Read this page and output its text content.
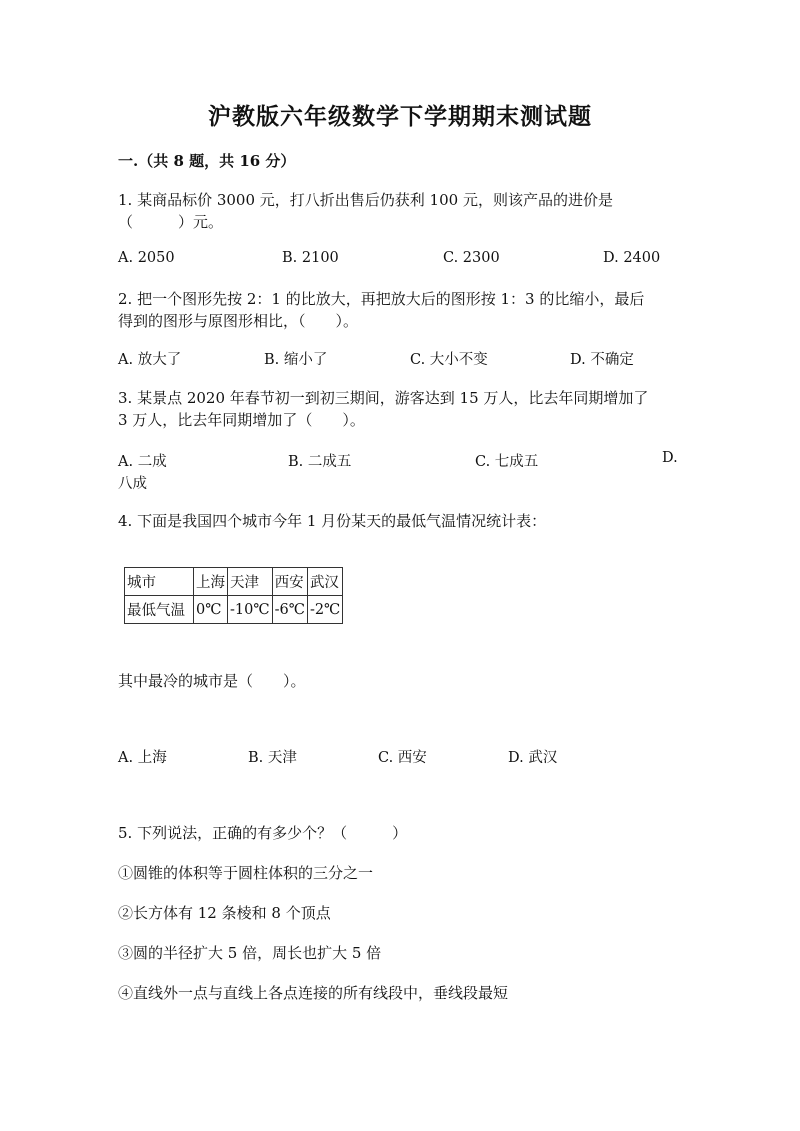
沪教版六年级数学下学期期末测试题
一.（共 8 题，共 16 分）
1. 某商品标价 3000 元，打八折出售后仍获利 100 元，则该产品的进价是
（　　　）元。
A. 2050	B. 2100	C. 2300	D. 2400
2. 把一个图形先按 2：1 的比放大，再把放大后的图形按 1：3 的比缩小，最后
得到的图形与原图形相比，（　　）。
A. 放大了	B. 缩小了	C. 大小不变	D. 不确定
3. 某景点 2020 年春节初一到初三期间，游客达到 15 万人，比去年同期增加了
3 万人，比去年同期增加了（　　）。
A. 二成	B. 二成五	C. 七成五	D.
八成
4. 下面是我国四个城市今年 1 月份某天的最低气温情况统计表：
城市	上海	天津	西安	武汉
最低气温	0℃	-10℃	-6℃	-2℃
其中最冷的城市是（　　）。
A. 上海	B. 天津	C. 西安	D. 武汉
5. 下列说法，正确的有多少个？（　　　）
①圆锥的体积等于圆柱体积的三分之一
②长方体有 12 条棱和 8 个顶点
③圆的半径扩大 5 倍，周长也扩大 5 倍
④直线外一点与直线上各点连接的所有线段中，垂线段最短
